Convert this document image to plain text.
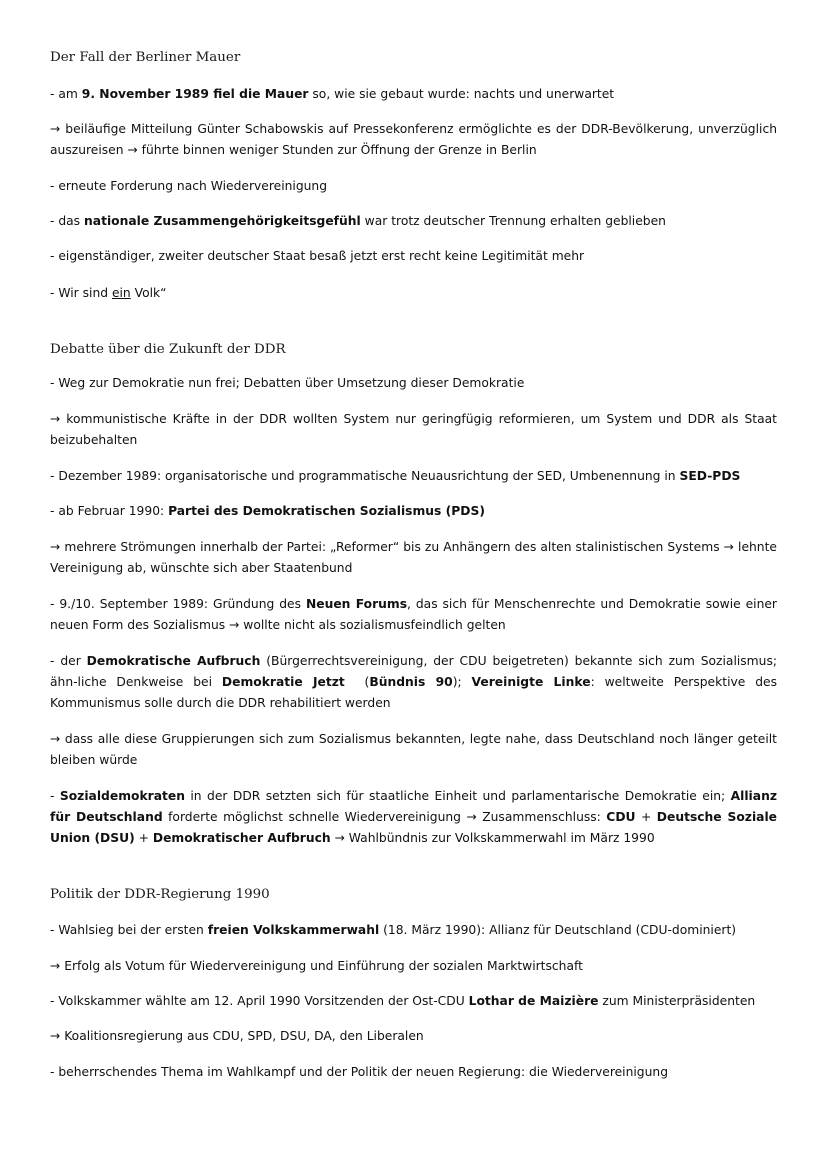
Der Fall der Berliner Mauer

- am 9. November 1989 fiel die Mauer so, wie sie gebaut wurde: nachts und unerwartet

→ beiläufige Mitteilung Günter Schabowskis auf Pressekonferenz ermöglichte es der DDR-Bevölkerung, unverzüglich auszureisen → führte binnen weniger Stunden zur Öffnung der Grenze in Berlin

- erneute Forderung nach Wiedervereinigung

- das nationale Zusammengehörigkeitsgefühl war trotz deutscher Trennung erhalten geblieben

- eigenständiger, zweiter deutscher Staat besaß jetzt erst recht keine Legitimität mehr

- Wir sind ein Volk“

Debatte über die Zukunft der DDR

- Weg zur Demokratie nun frei; Debatten über Umsetzung dieser Demokratie

→ kommunistische Kräfte in der DDR wollten System nur geringfügig reformieren, um System und DDR als Staat beizubehalten

- Dezember 1989: organisatorische und programmatische Neuausrichtung der SED, Umbenennung in SED-PDS

- ab Februar 1990: Partei des Demokratischen Sozialismus (PDS)

→ mehrere Strömungen innerhalb der Partei: „Reformer“ bis zu Anhängern des alten stalinistischen Systems → lehnte Vereinigung ab, wünschte sich aber Staatenbund

- 9./10. September 1989: Gründung des Neuen Forums, das sich für Menschenrechte und Demokratie sowie einer neuen Form des Sozialismus → wollte nicht als sozialismusfeindlich gelten

- der Demokratische Aufbruch (Bürgerrechtsvereinigung, der CDU beigetreten) bekannte sich zum Sozialismus; ähn-liche Denkweise bei Demokratie Jetzt  (Bündnis 90); Vereinigte Linke: weltweite Perspektive des Kommunismus solle durch die DDR rehabilitiert werden

→ dass alle diese Gruppierungen sich zum Sozialismus bekannten, legte nahe, dass Deutschland noch länger geteilt bleiben würde

- Sozialdemokraten in der DDR setzten sich für staatliche Einheit und parlamentarische Demokratie ein; Allianz für Deutschland forderte möglichst schnelle Wiedervereinigung → Zusammenschluss: CDU + Deutsche Soziale Union (DSU) + Demokratischer Aufbruch → Wahlbündnis zur Volkskammerwahl im März 1990

Politik der DDR-Regierung 1990

- Wahlsieg bei der ersten freien Volkskammerwahl (18. März 1990): Allianz für Deutschland (CDU-dominiert)

→ Erfolg als Votum für Wiedervereinigung und Einführung der sozialen Marktwirtschaft

- Volkskammer wählte am 12. April 1990 Vorsitzenden der Ost-CDU Lothar de Maizière zum Ministerpräsidenten

→ Koalitionsregierung aus CDU, SPD, DSU, DA, den Liberalen

- beherrschendes Thema im Wahlkampf und der Politik der neuen Regierung: die Wiedervereinigung
